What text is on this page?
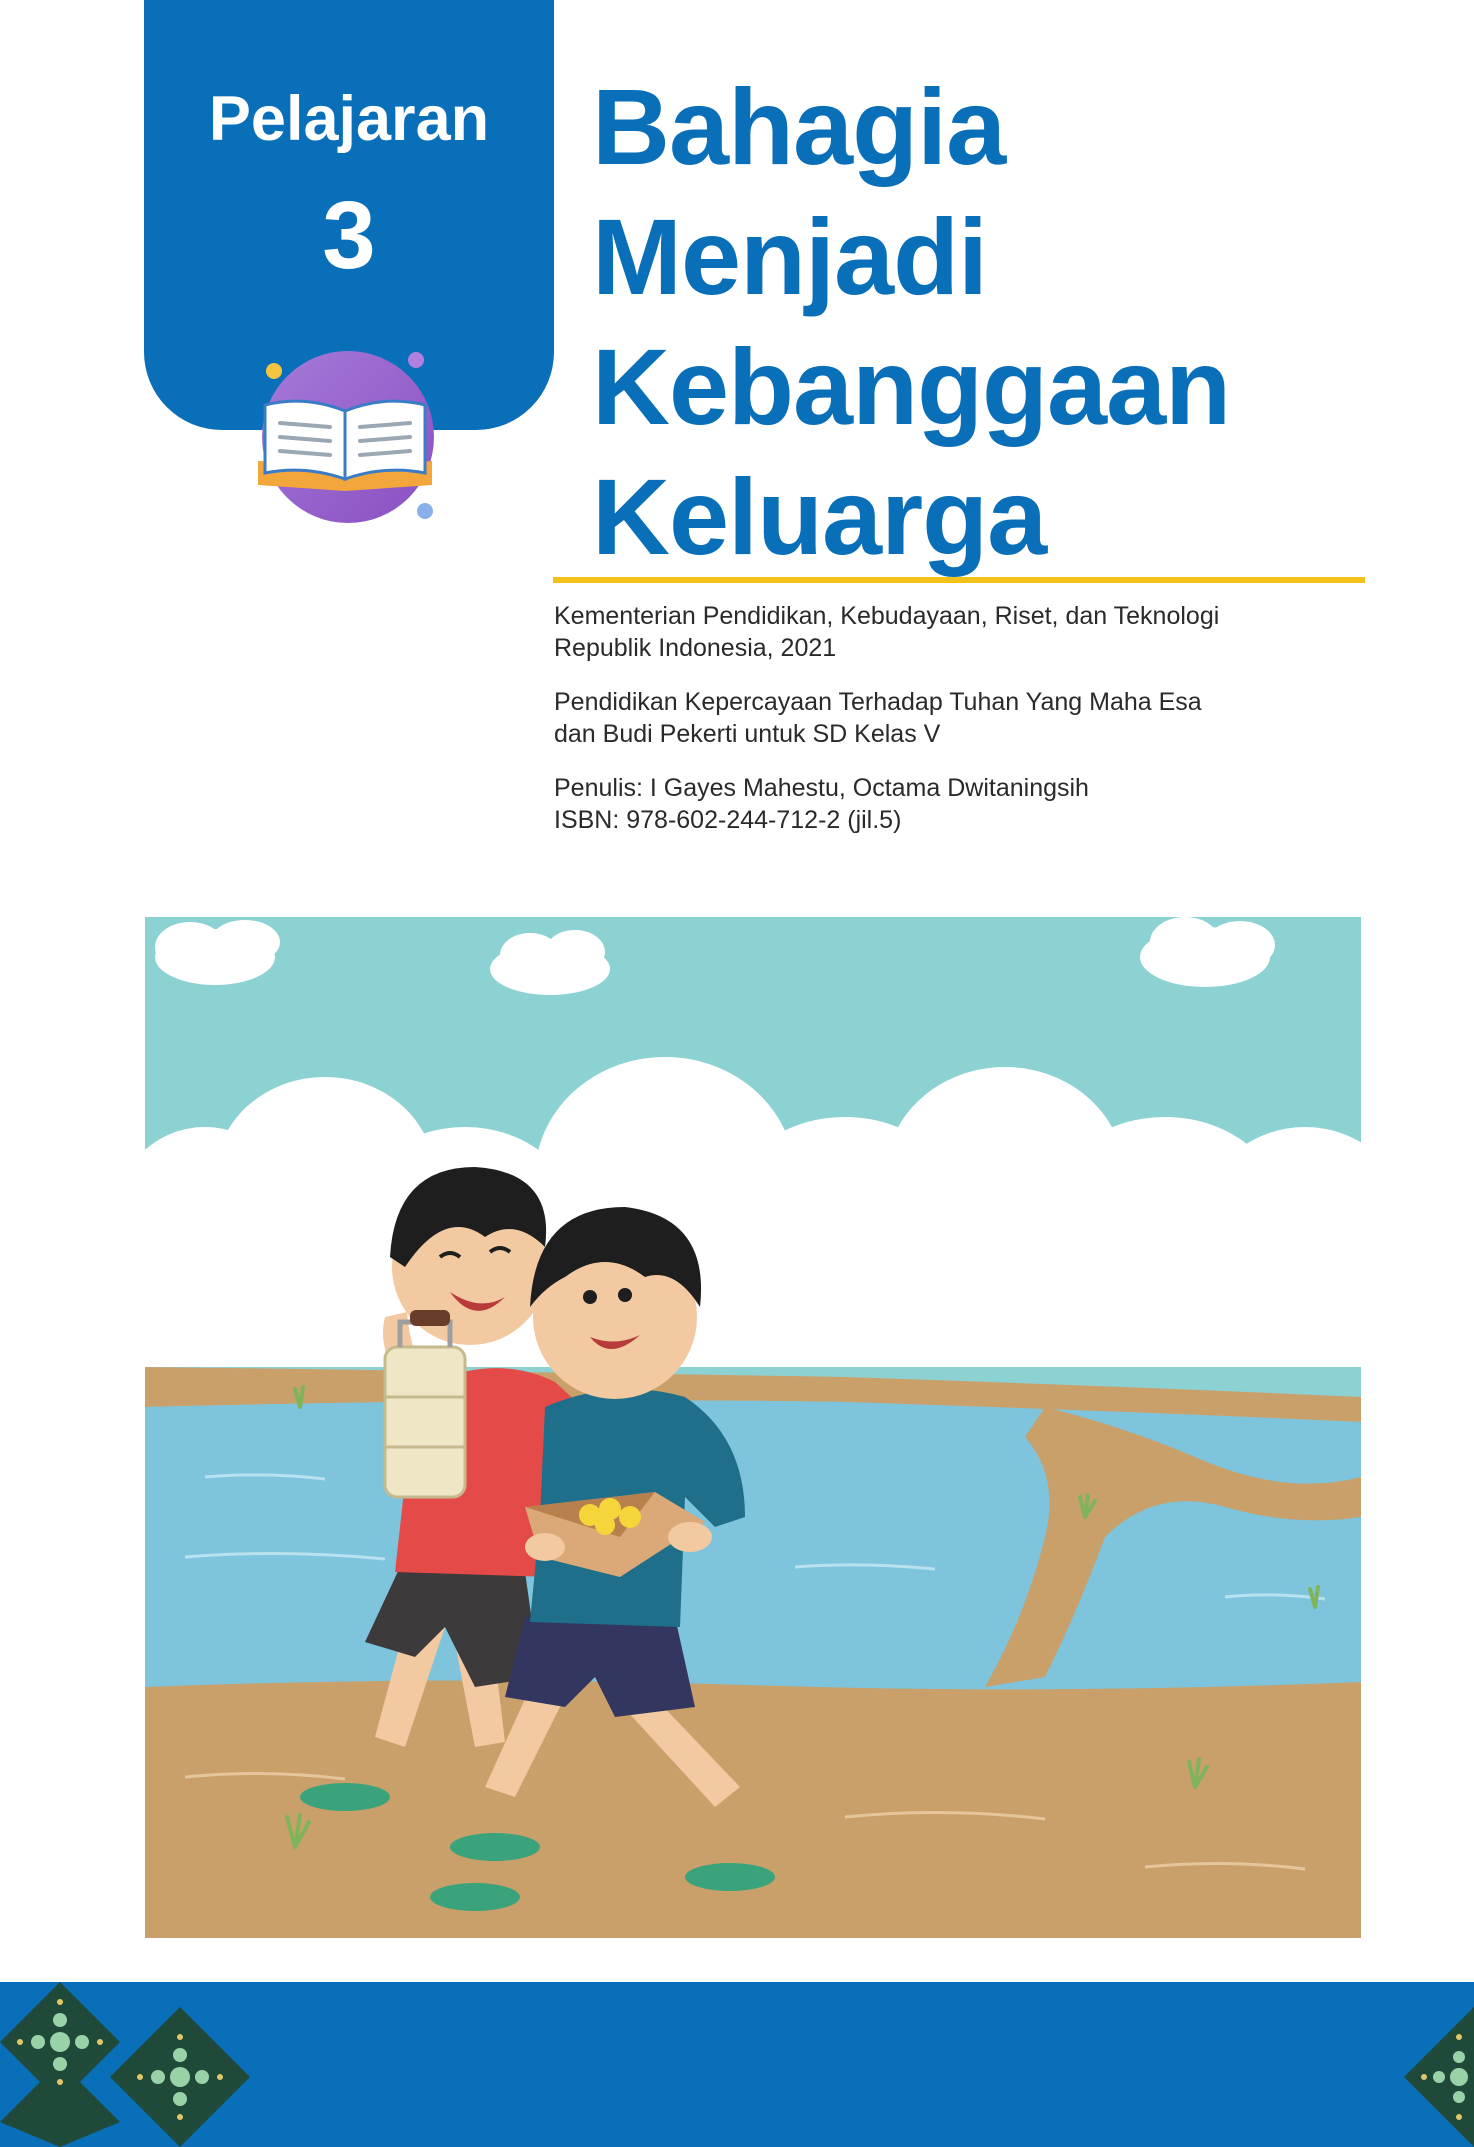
Pelajaran
3
Bahagia
Menjadi
Kebanggaan
Keluarga

Kementerian Pendidikan, Kebudayaan, Riset, dan Teknologi
Republik Indonesia, 2021

Pendidikan Kepercayaan Terhadap Tuhan Yang Maha Esa
dan Budi Pekerti untuk SD Kelas V

Penulis: I Gayes Mahestu, Octama Dwitaningsih
ISBN: 978-602-244-712-2 (jil.5)
